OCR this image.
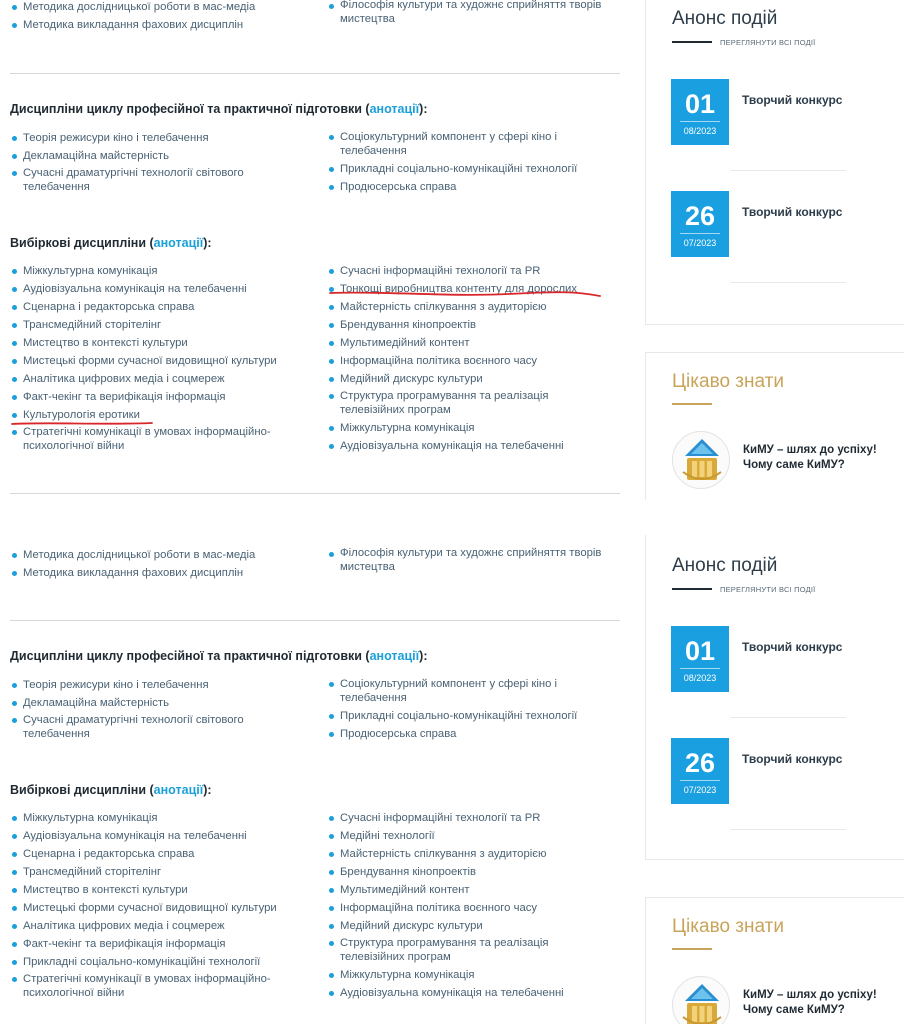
Методика дослідницької роботи в мас-медіа
Методика викладання фахових дисциплін
Філософія культури та художнє сприйняття творів мистецтва
Дисципліни циклу професійної та практичної підготовки (анотації):
Теорія режисури кіно і телебачення
Декламаційна майстерність
Сучасні драматургічні технології світового телебачення
Соціокультурний компонент у сфері кіно і телебачення
Прикладні соціально-комунікаційні технології
Продюсерська справа
Вибіркові дисципліни (анотації):
Міжкультурна комунікація
Аудіовізуальна комунікація на телебаченні
Сценарна і редакторська справа
Трансмедійний сторітелінг
Мистецтво в контексті культури
Мистецькі форми сучасної видовищної культури
Аналітика цифрових медіа і соцмереж
Факт-чекінг та верифікація інформація
Культурологія еротики
Стратегічні комунікації в умовах інформаційно-психологічної війни
Сучасні інформаційні технології та PR
Тонкощі виробництва контенту для дорослих
Майстерність спілкування з аудиторією
Брендування кінопроектів
Мультимедійний контент
Інформаційна політика воєнного часу
Медійний дискурс культури
Структура програмування та реалізація телевізійних програм
Міжкультурна комунікація
Аудіовізуальна комунікація на телебаченні
Анонс подій
ПЕРЕГЛЯНУТИ ВСІ ПОДІЇ
01
08/2023
Творчий конкурс
26
07/2023
Творчий конкурс
Цікаво знати
КиМУ – шлях до успіху! Чому саме КиМУ?
Методика дослідницької роботи в мас-медіа
Методика викладання фахових дисциплін
Філософія культури та художнє сприйняття творів мистецтва
Дисципліни циклу професійної та практичної підготовки (анотації):
Теорія режисури кіно і телебачення
Декламаційна майстерність
Сучасні драматургічні технології світового телебачення
Соціокультурний компонент у сфері кіно і телебачення
Прикладні соціально-комунікаційні технології
Продюсерська справа
Вибіркові дисципліни (анотації):
Міжкультурна комунікація
Аудіовізуальна комунікація на телебаченні
Сценарна і редакторська справа
Трансмедійний сторітелінг
Мистецтво в контексті культури
Мистецькі форми сучасної видовищної культури
Аналітика цифрових медіа і соцмереж
Факт-чекінг та верифікація інформація
Прикладні соціально-комунікаційні технології
Стратегічні комунікації в умовах інформаційно-психологічної війни
Сучасні інформаційні технології та PR
Медійні технології
Майстерність спілкування з аудиторією
Брендування кінопроектів
Мультимедійний контент
Інформаційна політика воєнного часу
Медійний дискурс культури
Структура програмування та реалізація телевізійних програм
Міжкультурна комунікація
Аудіовізуальна комунікація на телебаченні
Анонс подій
ПЕРЕГЛЯНУТИ ВСІ ПОДІЇ
01
08/2023
Творчий конкурс
26
07/2023
Творчий конкурс
Цікаво знати
КиМУ – шлях до успіху! Чому саме КиМУ?
